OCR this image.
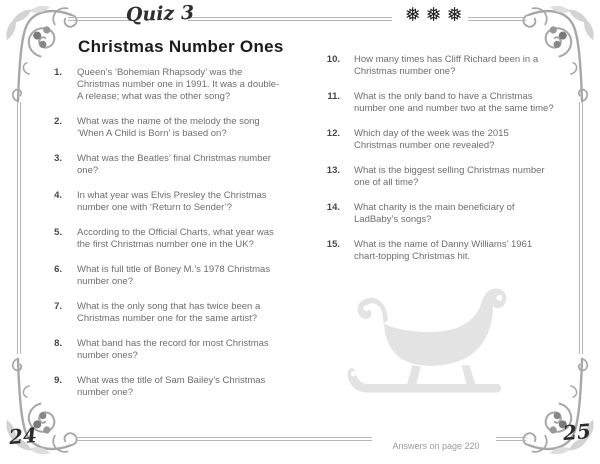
Quiz 3	❅❅❅
Christmas Number Ones
1. Queen’s ‘Bohemian Rhapsody’ was the Christmas number one in 1991. It was a double-A release; what was the other song?
2. What was the name of the melody the song ‘When A Child is Born’ is based on?
3. What was the Beatles’ final Christmas number one?
4. In what year was Elvis Presley the Christmas number one with ‘Return to Sender’?
5. According to the Official Charts, what year was the first Christmas number one in the UK?
6. What is full title of Boney M.’s 1978 Christmas number one?
7. What is the only song that has twice been a Christmas number one for the same artist?
8. What band has the record for most Christmas number ones?
9. What was the title of Sam Bailey’s Christmas number one?
10. How many times has Cliff Richard been in a Christmas number one?
11. What is the only band to have a Christmas number one and number two at the same time?
12. Which day of the week was the 2015 Christmas number one revealed?
13. What is the biggest selling Christmas number one of all time?
14. What charity is the main beneficiary of LadBaby’s songs?
15. What is the name of Danny Williams’ 1961 chart-topping Christmas hit.
Answers on page 220
24	25
